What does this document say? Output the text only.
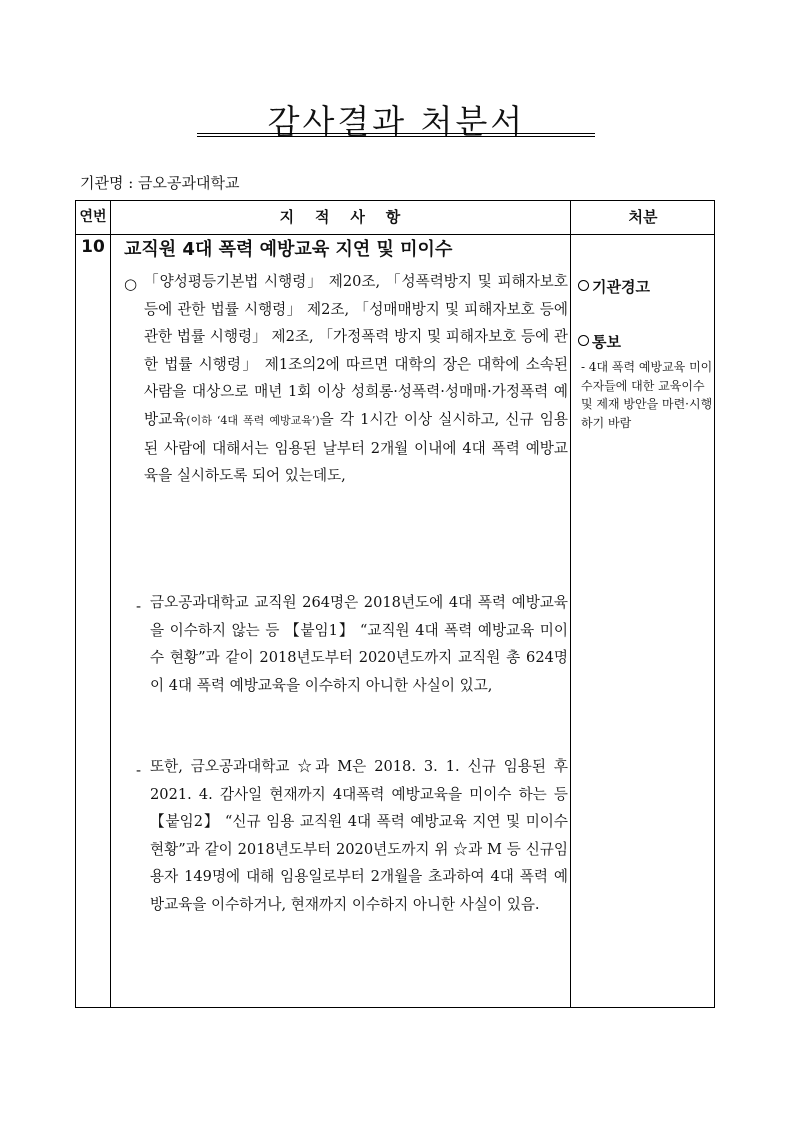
감사결과 처분서
기관명 : 금오공과대학교
연번	지    적    사    항	처분
10 교직원 4대 폭력 예방교육 지연 및 미이수
○ 「양성평등기본법 시행령」 제20조, 「성폭력방지 및 피해자보호 등에 관한 법률 시행령」 제2조, 「성매매방지 및 피해자보호 등에 관한 법률 시행령」 제2조, 「가정폭력 방지 및 피해자보호 등에 관한 법률 시행령」 제1조의2에 따르면 대학의 장은 대학에 소속된 사람을 대상으로 매년 1회 이상 성희롱·성폭력·성매매·가정폭력 예방교육(이하 ‘4대 폭력 예방교육’)을 각 1시간 이상 실시하고, 신규 임용된 사람에 대해서는 임용된 날부터 2개월 이내에 4대 폭력 예방교육을 실시하도록 되어 있는데도,

- 금오공과대학교 교직원 264명은 2018년도에 4대 폭력 예방교육을 이수하지 않는 등 【붙임1】 “교직원 4대 폭력 예방교육 미이수 현황”과 같이 2018년도부터 2020년도까지 교직원 총 624명이 4대 폭력 예방교육을 이수하지 아니한 사실이 있고,

- 또한, 금오공과대학교 ☆과 M은 2018. 3. 1. 신규 임용된 후 2021. 4. 감사일 현재까지 4대폭력 예방교육을 미이수 하는 등 【붙임2】 “신규 임용 교직원 4대 폭력 예방교육 지연 및 미이수 현황”과 같이 2018년도부터 2020년도까지 위 ☆과 M 등 신규임용자 149명에 대해 임용일로부터 2개월을 초과하여 4대 폭력 예방교육을 이수하거나, 현재까지 이수하지 아니한 사실이 있음.

기관경고
통보

- 4대 폭력 예방교육 미이수자들에 대한 교육이수 및 제재 방안을 마련·시행하기 바람
